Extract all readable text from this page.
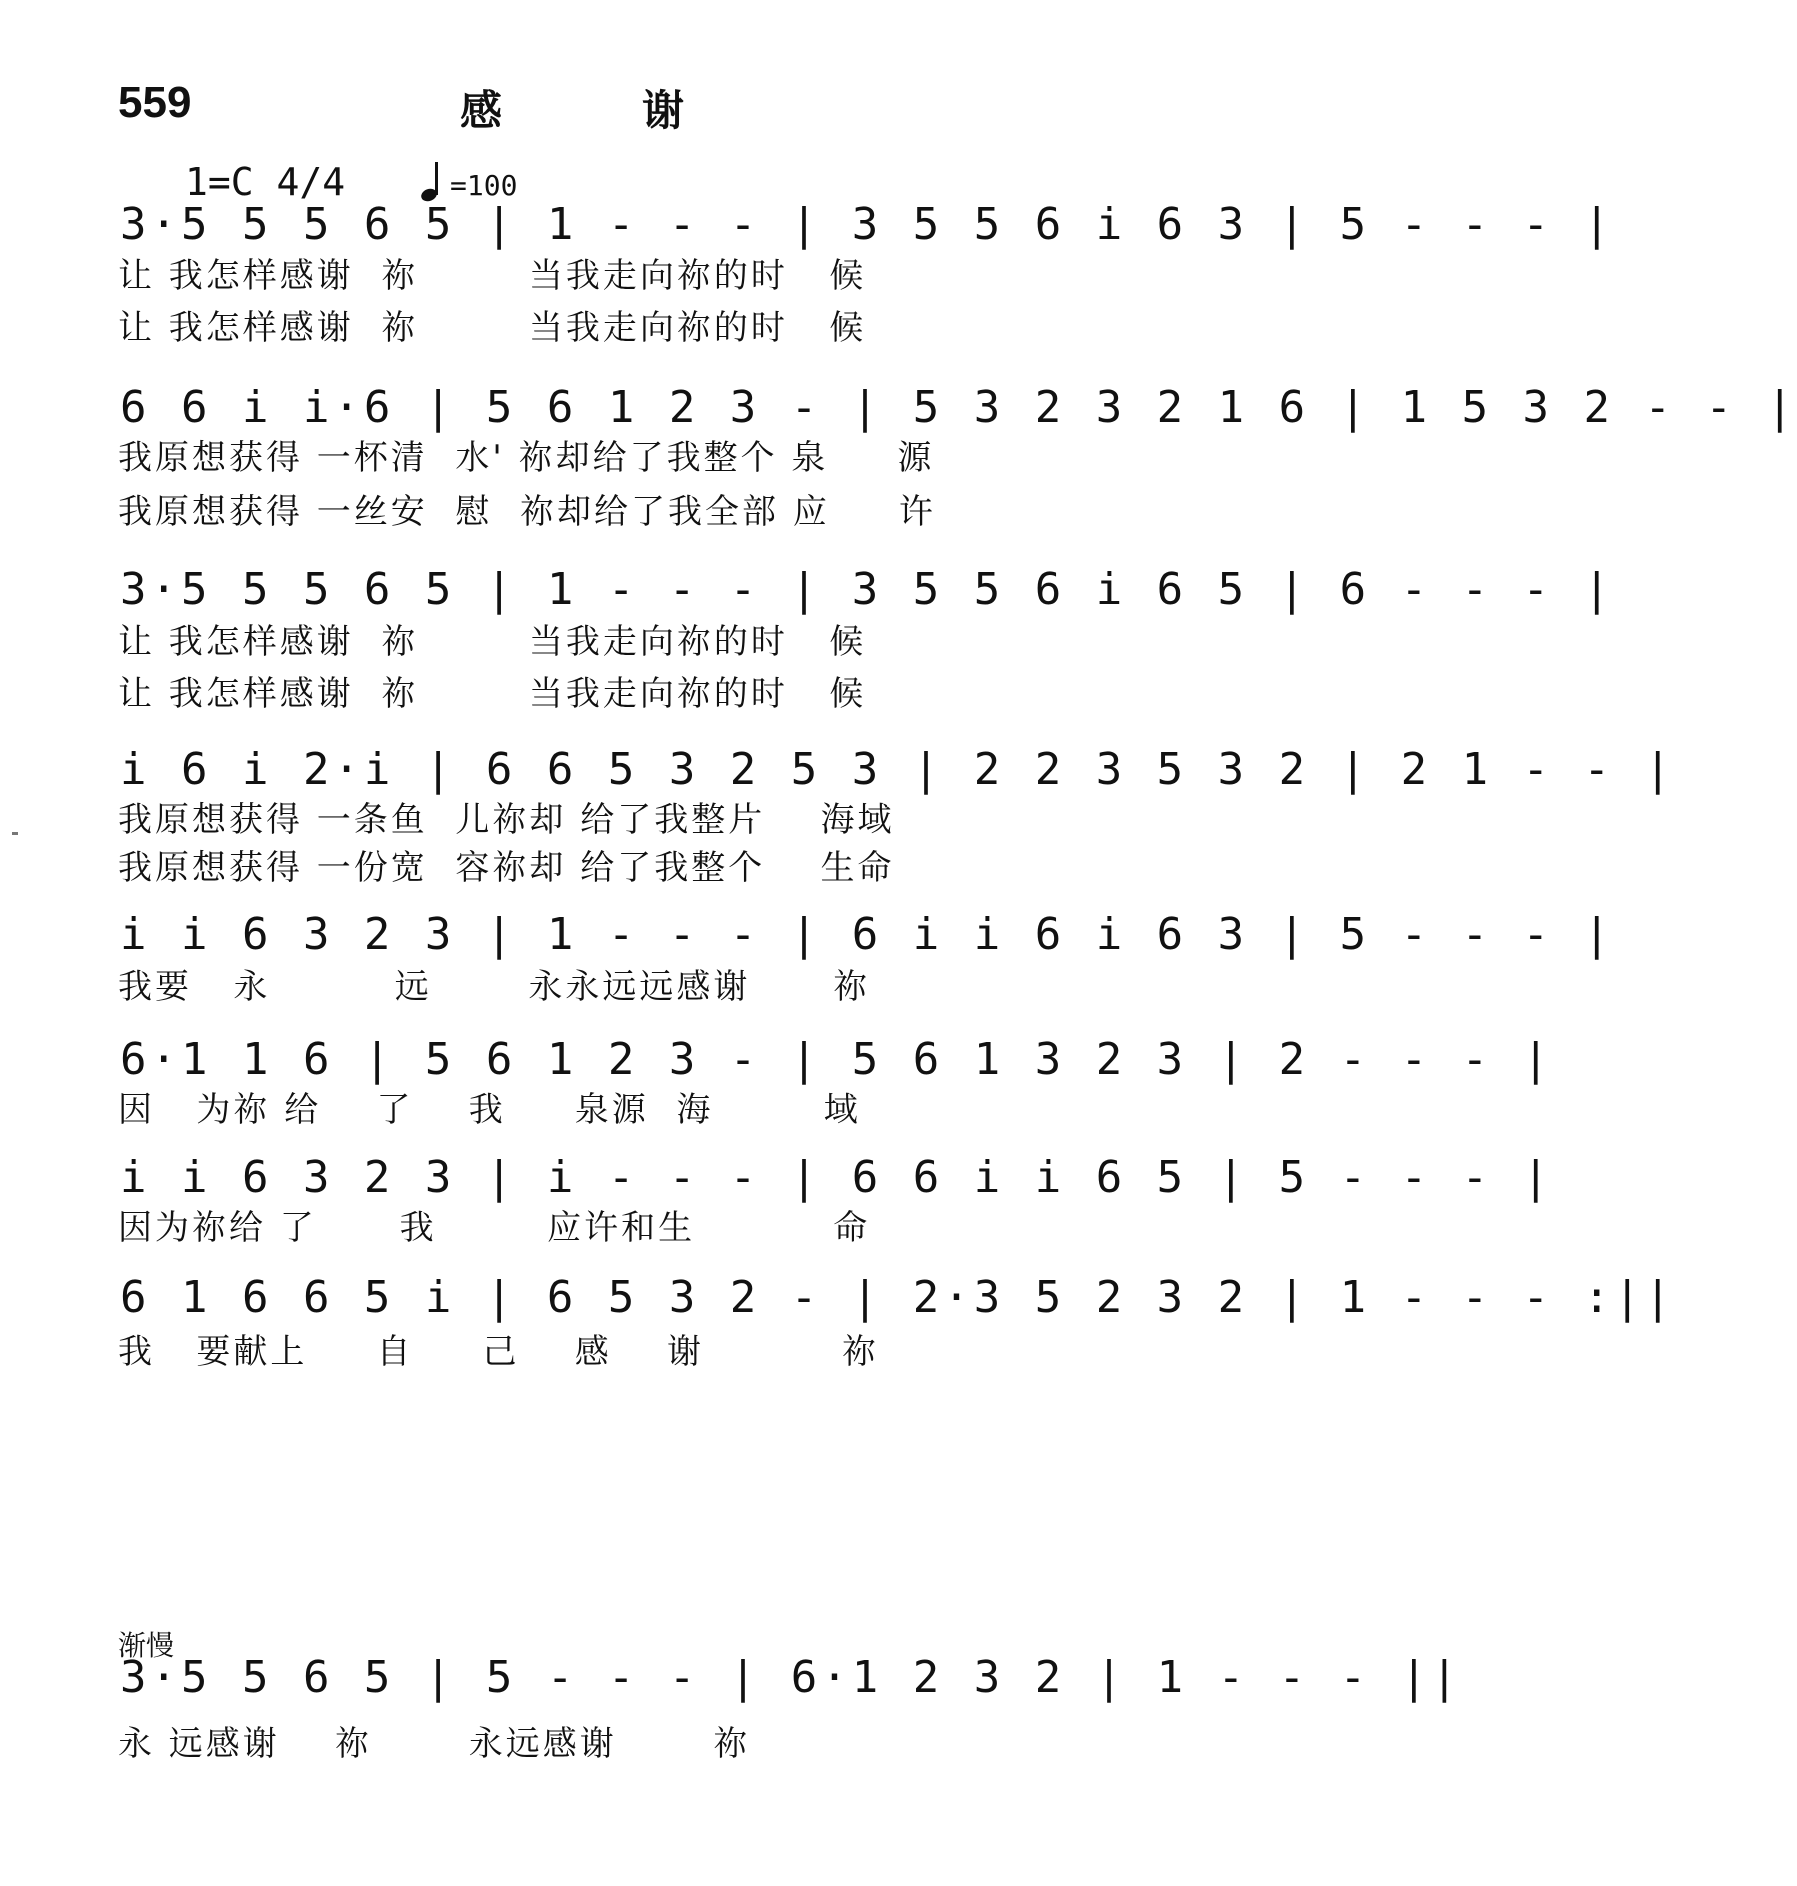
559	感谢
1=C 4/4	=100
3·5 5 5 6 5 | 1 - - - | 3 5 5 6 i 6 3 | 5 - - - |
让 我怎样感谢  祢        当我走向祢的时   候
让 我怎样感谢  祢        当我走向祢的时   候
6 6 i i·6 | 5 6 1 2 3 - | 5 3 2 3 2 1 6 | 1 5 3 2 - - |
我原想获得 一杯清  水' 祢却给了我整个 泉     源
我原想获得 一丝安  慰  祢却给了我全部 应     许
3·5 5 5 6 5 | 1 - - - | 3 5 5 6 i 6 5 | 6 - - - |
让 我怎样感谢  祢        当我走向祢的时   候
让 我怎样感谢  祢        当我走向祢的时   候
i 6 i 2·i | 6 6 5 3 2 5 3 | 2 2 3 5 3 2 | 2 1 - - |
我原想获得 一条鱼  儿祢却 给了我整片    海域
我原想获得 一份宽  容祢却 给了我整个    生命
i i 6 3 2 3 | 1 - - - | 6 i i 6 i 6 3 | 5 - - - |
我要   永         远       永永远远感谢      祢
6·1 1 6 | 5 6 1 2 3 - | 5 6 1 3 2 3 | 2 - - - |
因   为祢 给    了    我     泉源  海        域
i i 6 3 2 3 | i - - - | 6 6 i i 6 5 | 5 - - - |
因为祢给 了      我        应许和生          命
6 1 6 6 5 i | 6 5 3 2 - | 2·3 5 2 3 2 | 1 - - - :||
我   要献上     自     己    感    谢          祢
渐慢
3·5 5 6 5 | 5 - - - | 6·1 2 3 2 | 1 - - - ||
永 远感谢    祢       永远感谢       祢
